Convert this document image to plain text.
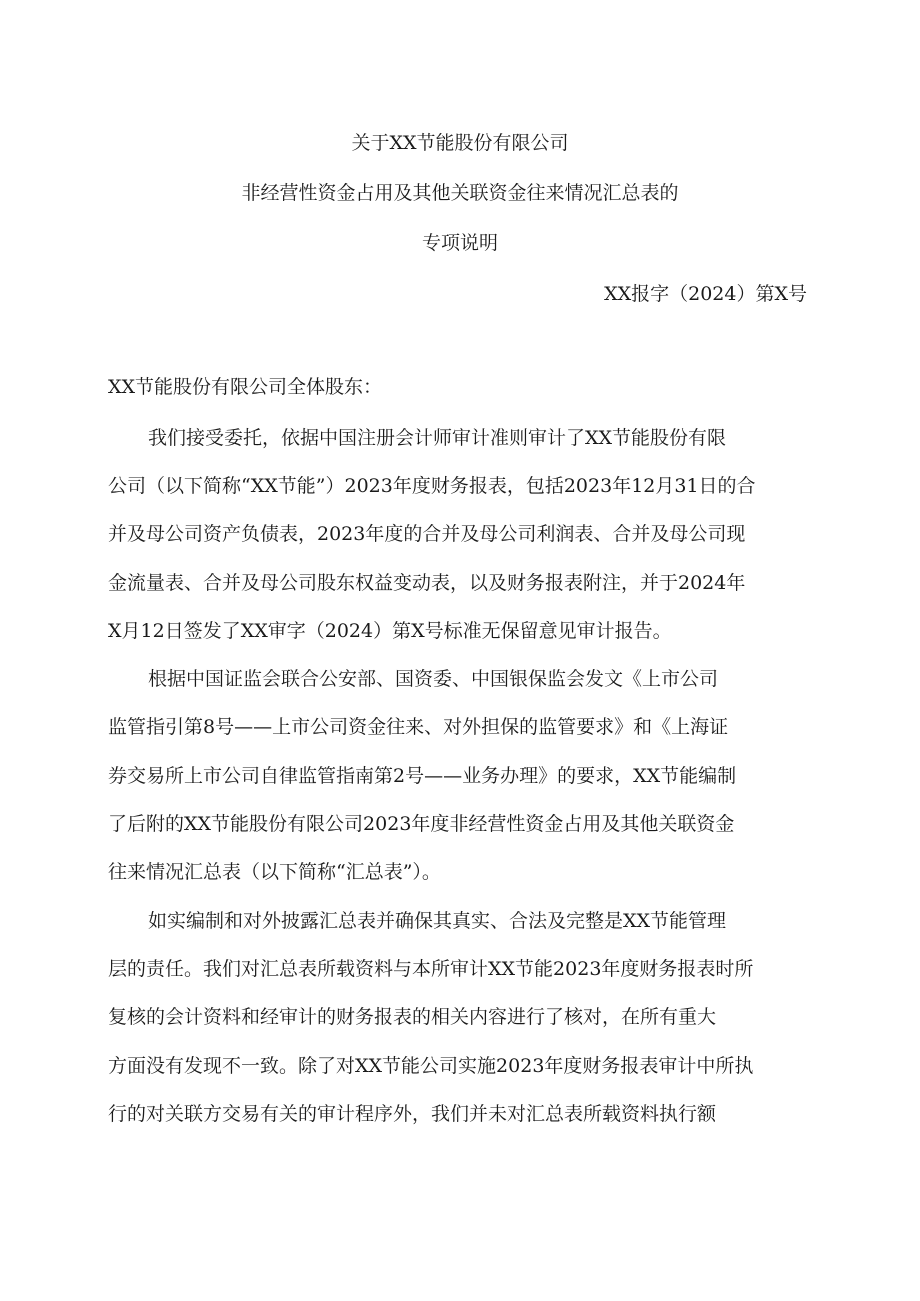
关于XX节能股份有限公司
非经营性资金占用及其他关联资金往来情况汇总表的
专项说明
XX报字（2024）第X号
XX节能股份有限公司全体股东：
我们接受委托，依据中国注册会计师审计准则审计了XX节能股份有限
公司（以下简称“XX节能”）2023年度财务报表，包括2023年12月31日的合
并及母公司资产负债表，2023年度的合并及母公司利润表、合并及母公司现
金流量表、合并及母公司股东权益变动表，以及财务报表附注，并于2024年
X月12日签发了XX审字（2024）第X号标准无保留意见审计报告。
根据中国证监会联合公安部、国资委、中国银保监会发文《上市公司
监管指引第8号——上市公司资金往来、对外担保的监管要求》和《上海证
券交易所上市公司自律监管指南第2号——业务办理》的要求，XX节能编制
了后附的XX节能股份有限公司2023年度非经营性资金占用及其他关联资金
往来情况汇总表（以下简称“汇总表”）。
如实编制和对外披露汇总表并确保其真实、合法及完整是XX节能管理
层的责任。我们对汇总表所载资料与本所审计XX节能2023年度财务报表时所
复核的会计资料和经审计的财务报表的相关内容进行了核对，在所有重大
方面没有发现不一致。除了对XX节能公司实施2023年度财务报表审计中所执
行的对关联方交易有关的审计程序外，我们并未对汇总表所载资料执行额
